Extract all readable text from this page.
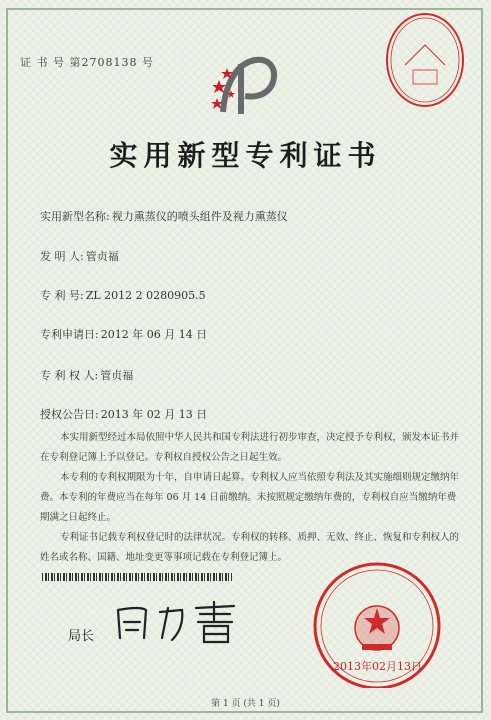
证 书 号 第2708138 号
实用新型专利证书
实用新型名称: 视力熏蒸仪的喷头组件及视力熏蒸仪
发 明 人: 管贞福
专 利 号: ZL 2012 2 0280905.5
专利申请日: 2012 年 06 月 14 日
专 利 权 人: 管贞福
授权公告日: 2013 年 02 月 13 日
本实用新型经过本局依照中华人民共和国专利法进行初步审查，决定授予专利权，颁发本证书并在专利登记簿上予以登记。专利权自授权公告之日起生效。
本专利的专利权期限为十年，自申请日起算。专利权人应当依照专利法及其实施细则规定缴纳年费。本专利的年费应当在每年 06 月 14 日前缴纳。未按照规定缴纳年费的，专利权自应当缴纳年费期满之日起终止。
专利证书记载专利权登记时的法律状况。专利权的转移、质押、无效、终止、恢复和专利权人的姓名或名称、国籍、地址变更等事项记载在专利登记簿上。
局长
2013年02月13日
第 1 页 (共 1 页)
